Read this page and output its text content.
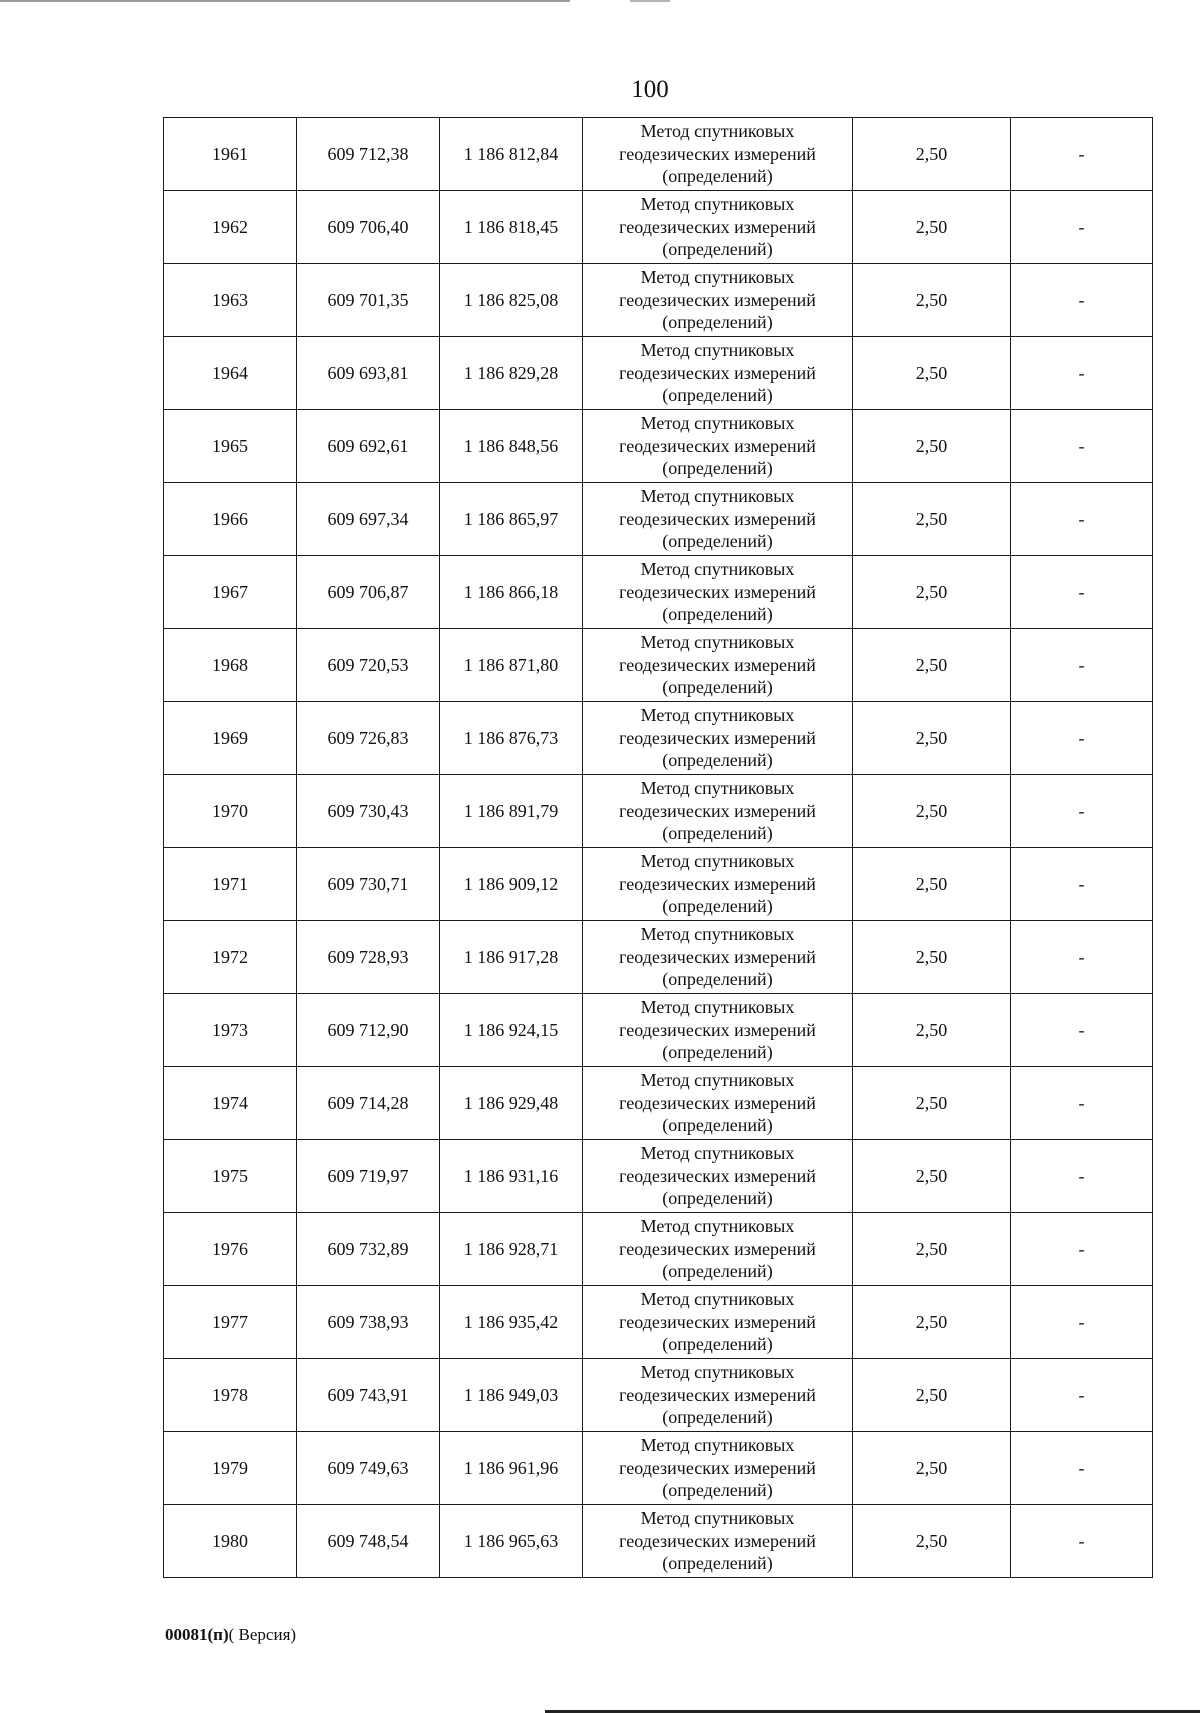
100
1961	609 712,38	1 186 812,84	Метод спутниковых геодезических измерений (определений)	2,50	-
1962	609 706,40	1 186 818,45	Метод спутниковых геодезических измерений (определений)	2,50	-
1963	609 701,35	1 186 825,08	Метод спутниковых геодезических измерений (определений)	2,50	-
1964	609 693,81	1 186 829,28	Метод спутниковых геодезических измерений (определений)	2,50	-
1965	609 692,61	1 186 848,56	Метод спутниковых геодезических измерений (определений)	2,50	-
1966	609 697,34	1 186 865,97	Метод спутниковых геодезических измерений (определений)	2,50	-
1967	609 706,87	1 186 866,18	Метод спутниковых геодезических измерений (определений)	2,50	-
1968	609 720,53	1 186 871,80	Метод спутниковых геодезических измерений (определений)	2,50	-
1969	609 726,83	1 186 876,73	Метод спутниковых геодезических измерений (определений)	2,50	-
1970	609 730,43	1 186 891,79	Метод спутниковых геодезических измерений (определений)	2,50	-
1971	609 730,71	1 186 909,12	Метод спутниковых геодезических измерений (определений)	2,50	-
1972	609 728,93	1 186 917,28	Метод спутниковых геодезических измерений (определений)	2,50	-
1973	609 712,90	1 186 924,15	Метод спутниковых геодезических измерений (определений)	2,50	-
1974	609 714,28	1 186 929,48	Метод спутниковых геодезических измерений (определений)	2,50	-
1975	609 719,97	1 186 931,16	Метод спутниковых геодезических измерений (определений)	2,50	-
1976	609 732,89	1 186 928,71	Метод спутниковых геодезических измерений (определений)	2,50	-
1977	609 738,93	1 186 935,42	Метод спутниковых геодезических измерений (определений)	2,50	-
1978	609 743,91	1 186 949,03	Метод спутниковых геодезических измерений (определений)	2,50	-
1979	609 749,63	1 186 961,96	Метод спутниковых геодезических измерений (определений)	2,50	-
1980	609 748,54	1 186 965,63	Метод спутниковых геодезических измерений (определений)	2,50	-
00081(п)( Версия)
